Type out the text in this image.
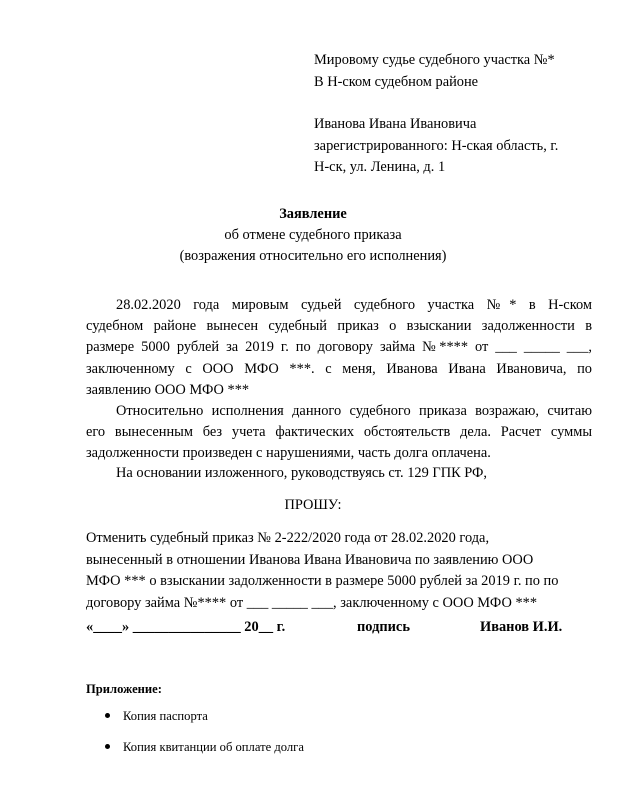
Мировому судье судебного участка №*
В Н-ском судебном районе
Иванова Ивана Ивановича
зарегистрированного: Н-ская область, г.
Н-ск, ул. Ленина, д. 1
Заявление
об отмене судебного приказа
(возражения относительно его исполнения)
28.02.2020 года мировым судьей судебного участка №* в Н-ском
судебном районе вынесен судебный приказ о взыскании задолженности в
размере 5000 рублей за 2019 г. по договору займа №**** от ___ _____ ___,
заключенному с ООО МФО ***. с меня, Иванова Ивана Ивановича, по
заявлению ООО МФО ***
Относительно исполнения данного судебного приказа возражаю, считаю
его вынесенным без учета фактических обстоятельств дела. Расчет суммы
задолженности произведен с нарушениями, часть долга оплачена.
На основании изложенного, руководствуясь ст. 129 ГПК РФ,
ПРОШУ:
Отменить судебный приказ № 2-222/2020 года от 28.02.2020 года,
вынесенный в отношении Иванова Ивана Ивановича по заявлению ООО
МФО *** о взыскании задолженности в размере 5000 рублей за 2019 г. по по
договору займа №**** от ___ _____ ___, заключенному с ООО МФО ***
«____» _______________ 20__ г.	подпись	Иванов И.И.
Приложение:
Копия паспорта
Копия квитанции об оплате долга
